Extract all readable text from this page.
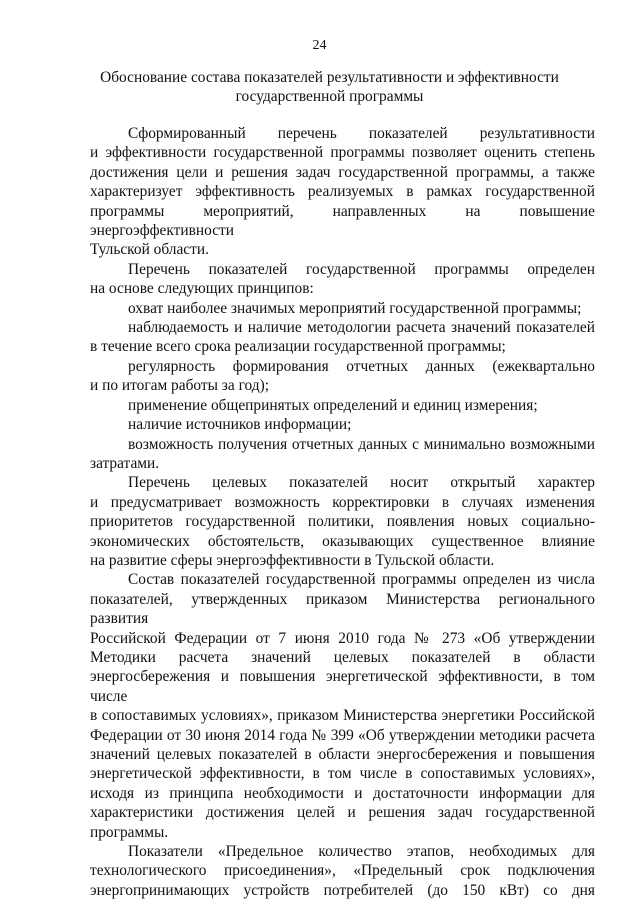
24
Обоснование состава показателей результативности и эффективности
государственной программы
Сформированный перечень показателей результативности
и эффективности государственной программы позволяет оценить степень
достижения цели и решения задач государственной программы, а также
характеризует эффективность реализуемых в рамках государственной
программы мероприятий, направленных на повышение энергоэффективности
Тульской области.
Перечень показателей государственной программы определен
на основе следующих принципов:
охват наиболее значимых мероприятий государственной программы;
наблюдаемость и наличие методологии расчета значений показателей
в течение всего срока реализации государственной программы;
регулярность формирования отчетных данных (ежеквартально
и по итогам работы за год);
применение общепринятых определений и единиц измерения;
наличие источников информации;
возможность получения отчетных данных с минимально возможными
затратами.
Перечень целевых показателей носит открытый характер
и предусматривает возможность корректировки в случаях изменения
приоритетов государственной политики, появления новых социально-
экономических обстоятельств, оказывающих существенное влияние
на развитие сферы энергоэффективности в Тульской области.
Состав показателей государственной программы определен из числа
показателей, утвержденных приказом Министерства регионального развития
Российской Федерации от 7 июня 2010 года № 273 «Об утверждении
Методики расчета значений целевых показателей в области
энергосбережения и повышения энергетической эффективности, в том числе
в сопоставимых условиях», приказом Министерства энергетики Российской
Федерации от 30 июня 2014 года № 399 «Об утверждении методики расчета
значений целевых показателей в области энергосбережения и повышения
энергетической эффективности, в том числе в сопоставимых условиях»,
исходя из принципа необходимости и достаточности информации для
характеристики достижения целей и решения задач государственной
программы.
Показатели «Предельное количество этапов, необходимых для
технологического присоединения», «Предельный срок подключения
энергопринимающих устройств потребителей (до 150 кВт) со дня
